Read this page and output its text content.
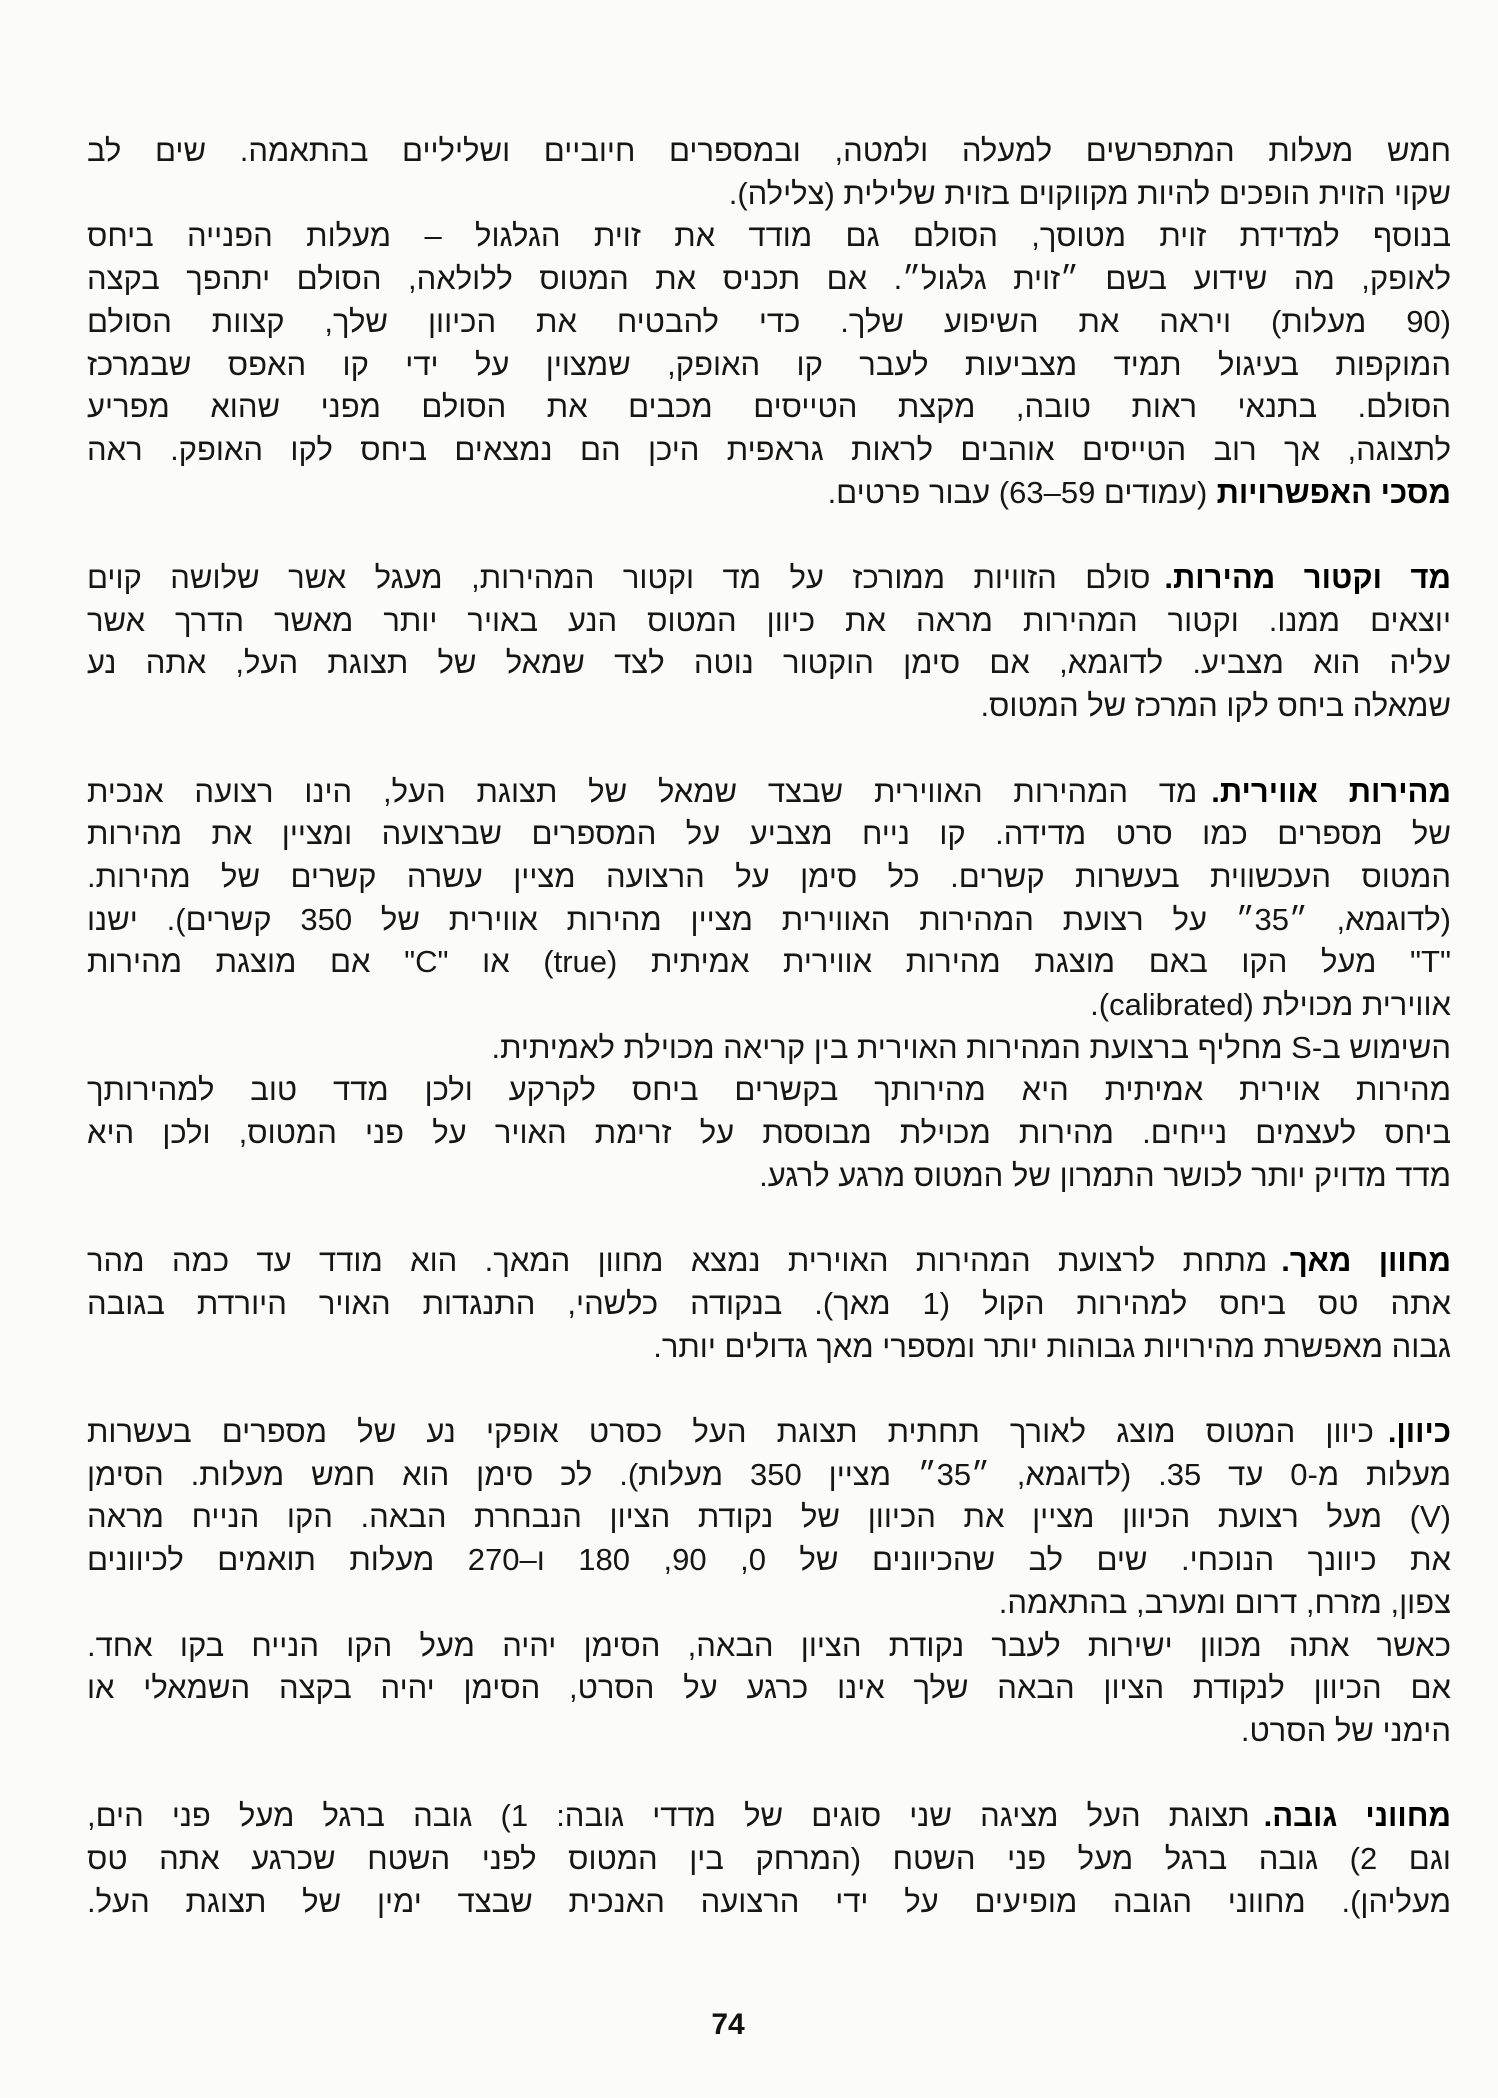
חמש מעלות המתפרשים למעלה ולמטה, ובמספרים חיוביים ושליליים בהתאמה. שים לב
שקוי הזוית הופכים להיות מקווקוים בזוית שלילית (צלילה).
בנוסף למדידת זוית מטוסך, הסולם גם מודד את זוית הגלגול – מעלות הפנייה ביחס
לאופק, מה שידוע בשם ״זוית גלגול״. אם תכניס את המטוס ללולאה, הסולם יתהפך בקצה
(90 מעלות) ויראה את השיפוע שלך. כדי להבטיח את הכיוון שלך, קצוות הסולם
המוקפות בעיגול תמיד מצביעות לעבר קו האופק, שמצוין על ידי קו האפס שבמרכז
הסולם. בתנאי ראות טובה, מקצת הטייסים מכבים את הסולם מפני שהוא מפריע
לתצוגה, אך רוב הטייסים אוהבים לראות גראפית היכן הם נמצאים ביחס לקו האופק. ראה
מסכי האפשרויות(עמודים 59–63) עבור פרטים.
מד וקטור מהירות.סולם הזוויות ממורכז על מד וקטור המהירות, מעגל אשר שלושה קוים
יוצאים ממנו. וקטור המהירות מראה את כיוון המטוס הנע באויר יותר מאשר הדרך אשר
עליה הוא מצביע. לדוגמא, אם סימן הוקטור נוטה לצד שמאל של תצוגת העל, אתה נע
שמאלה ביחס לקו המרכז של המטוס.
מהירות אווירית.מד המהירות האווירית שבצד שמאל של תצוגת העל, הינו רצועה אנכית
של מספרים כמו סרט מדידה. קו נייח מצביע על המספרים שברצועה ומציין את מהירות
המטוס העכשווית בעשרות קשרים. כל סימן על הרצועה מציין עשרה קשרים של מהירות.
(לדוגמא, ״35״ על רצועת המהירות האווירית מציין מהירות אווירית של 350 קשרים). ישנו
"T" מעל הקו באם מוצגת מהירות אווירית אמיתית (true) או "C" אם מוצגת מהירות
אווירית מכוילת (calibrated).
השימוש ב-S מחליף ברצועת המהירות האוירית בין קריאה מכוילת לאמיתית.
מהירות אוירית אמיתית היא מהירותך בקשרים ביחס לקרקע ולכן מדד טוב למהירותך
ביחס לעצמים נייחים. מהירות מכוילת מבוססת על זרימת האויר על פני המטוס, ולכן היא
מדד מדויק יותר לכושר התמרון של המטוס מרגע לרגע.
מחוון מאך.מתחת לרצועת המהירות האוירית נמצא מחוון המאך. הוא מודד עד כמה מהר
אתה טס ביחס למהירות הקול (1 מאך). בנקודה כלשהי, התנגדות האויר היורדת בגובה
גבוה מאפשרת מהירויות גבוהות יותר ומספרי מאך גדולים יותר.
כיוון.כיוון המטוס מוצג לאורך תחתית תצוגת העל כסרט אופקי נע של מספרים בעשרות
מעלות מ-0 עד 35. (לדוגמא, ״35״ מציין 350 מעלות). לכ סימן הוא חמש מעלות. הסימן
(V) מעל רצועת הכיוון מציין את הכיוון של נקודת הציון הנבחרת הבאה. הקו הנייח מראה
את כיוונך הנוכחי. שים לב שהכיוונים של 0, 90, 180 ו–270 מעלות תואמים לכיוונים
צפון, מזרח, דרום ומערב, בהתאמה.
כאשר אתה מכוון ישירות לעבר נקודת הציון הבאה, הסימן יהיה מעל הקו הנייח בקו אחד.
אם הכיוון לנקודת הציון הבאה שלך אינו כרגע על הסרט, הסימן יהיה בקצה השמאלי או
הימני של הסרט.
מחווני גובה.תצוגת העל מציגה שני סוגים של מדדי גובה: 1) גובה ברגל מעל פני הים,
וגם 2) גובה ברגל מעל פני השטח (המרחק בין המטוס לפני השטח שכרגע אתה טס
מעליהן). מחווני הגובה מופיעים על ידי הרצועה האנכית שבצד ימין של תצוגת העל.
74
